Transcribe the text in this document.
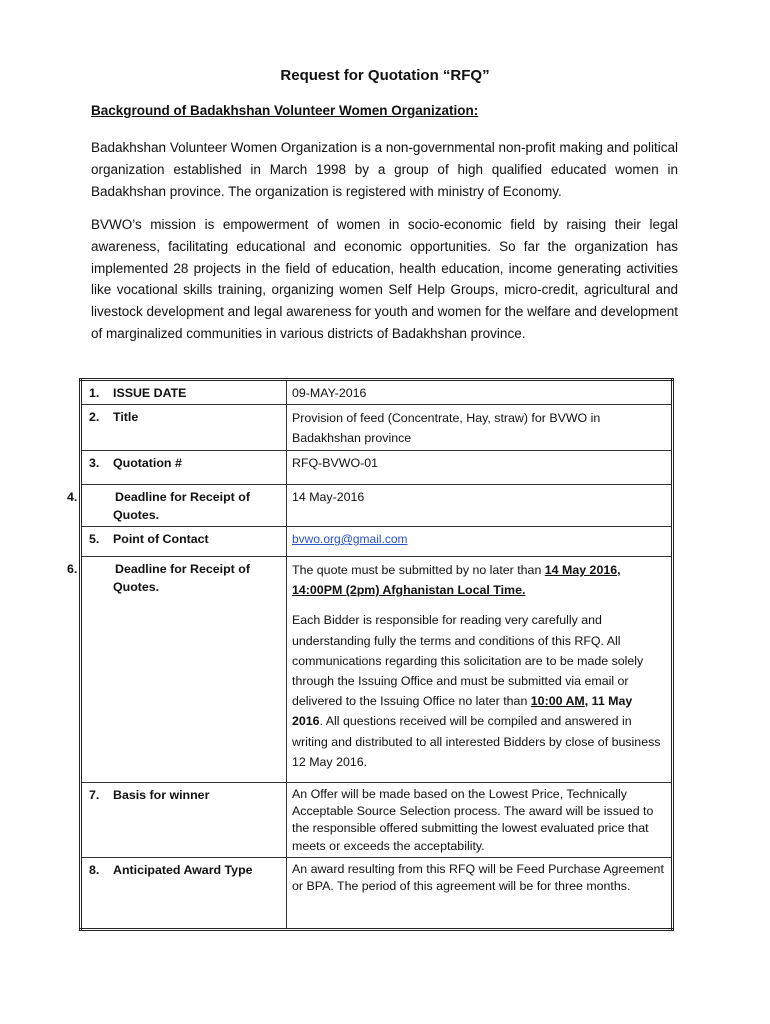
Request for Quotation “RFQ”
Background of Badakhshan Volunteer Women Organization:

Badakhshan Volunteer Women Organization is a non-governmental non-profit making and political organization established in March 1998 by a group of high qualified educated women in Badakhshan province. The organization is registered with ministry of Economy.

BVWO’s mission is empowerment of women in socio-economic field by raising their legal awareness, facilitating educational and economic opportunities. So far the organization has implemented 28 projects in the field of education, health education, income generating activities like vocational skills training, organizing women Self Help Groups, micro-credit, agricultural and livestock development and legal awareness for youth and women for the welfare and development of marginalized communities in various districts of Badakhshan province.

1. ISSUE DATE	09-MAY-2016
2. Title	Provision of feed (Concentrate, Hay, straw) for BVWO in Badakhshan province
3. Quotation #	RFQ-BVWO-01

4. Deadline for Receipt of Quotes.	14 May-2016
5. Point of Contact	bvwo.org@gmail.com

6. Deadline for Receipt of Quotes.	The quote must be submitted by no later than 14 May 2016, 14:00PM (2pm) Afghanistan Local Time.

Each Bidder is responsible for reading very carefully and understanding fully the terms and conditions of this RFQ. All communications regarding this solicitation are to be made solely through the Issuing Office and must be submitted via email or delivered to the Issuing Office no later than 10:00 AM, 11 May 2016. All questions received will be compiled and answered in writing and distributed to all interested Bidders by close of business 12 May 2016.

7. Basis for winner	An Offer will be made based on the Lowest Price, Technically Acceptable Source Selection process. The award will be issued to the responsible offered submitting the lowest evaluated price that meets or exceeds the acceptability.
8. Anticipated Award Type	An award resulting from this RFQ will be Feed Purchase Agreement or BPA. The period of this agreement will be for three months.
